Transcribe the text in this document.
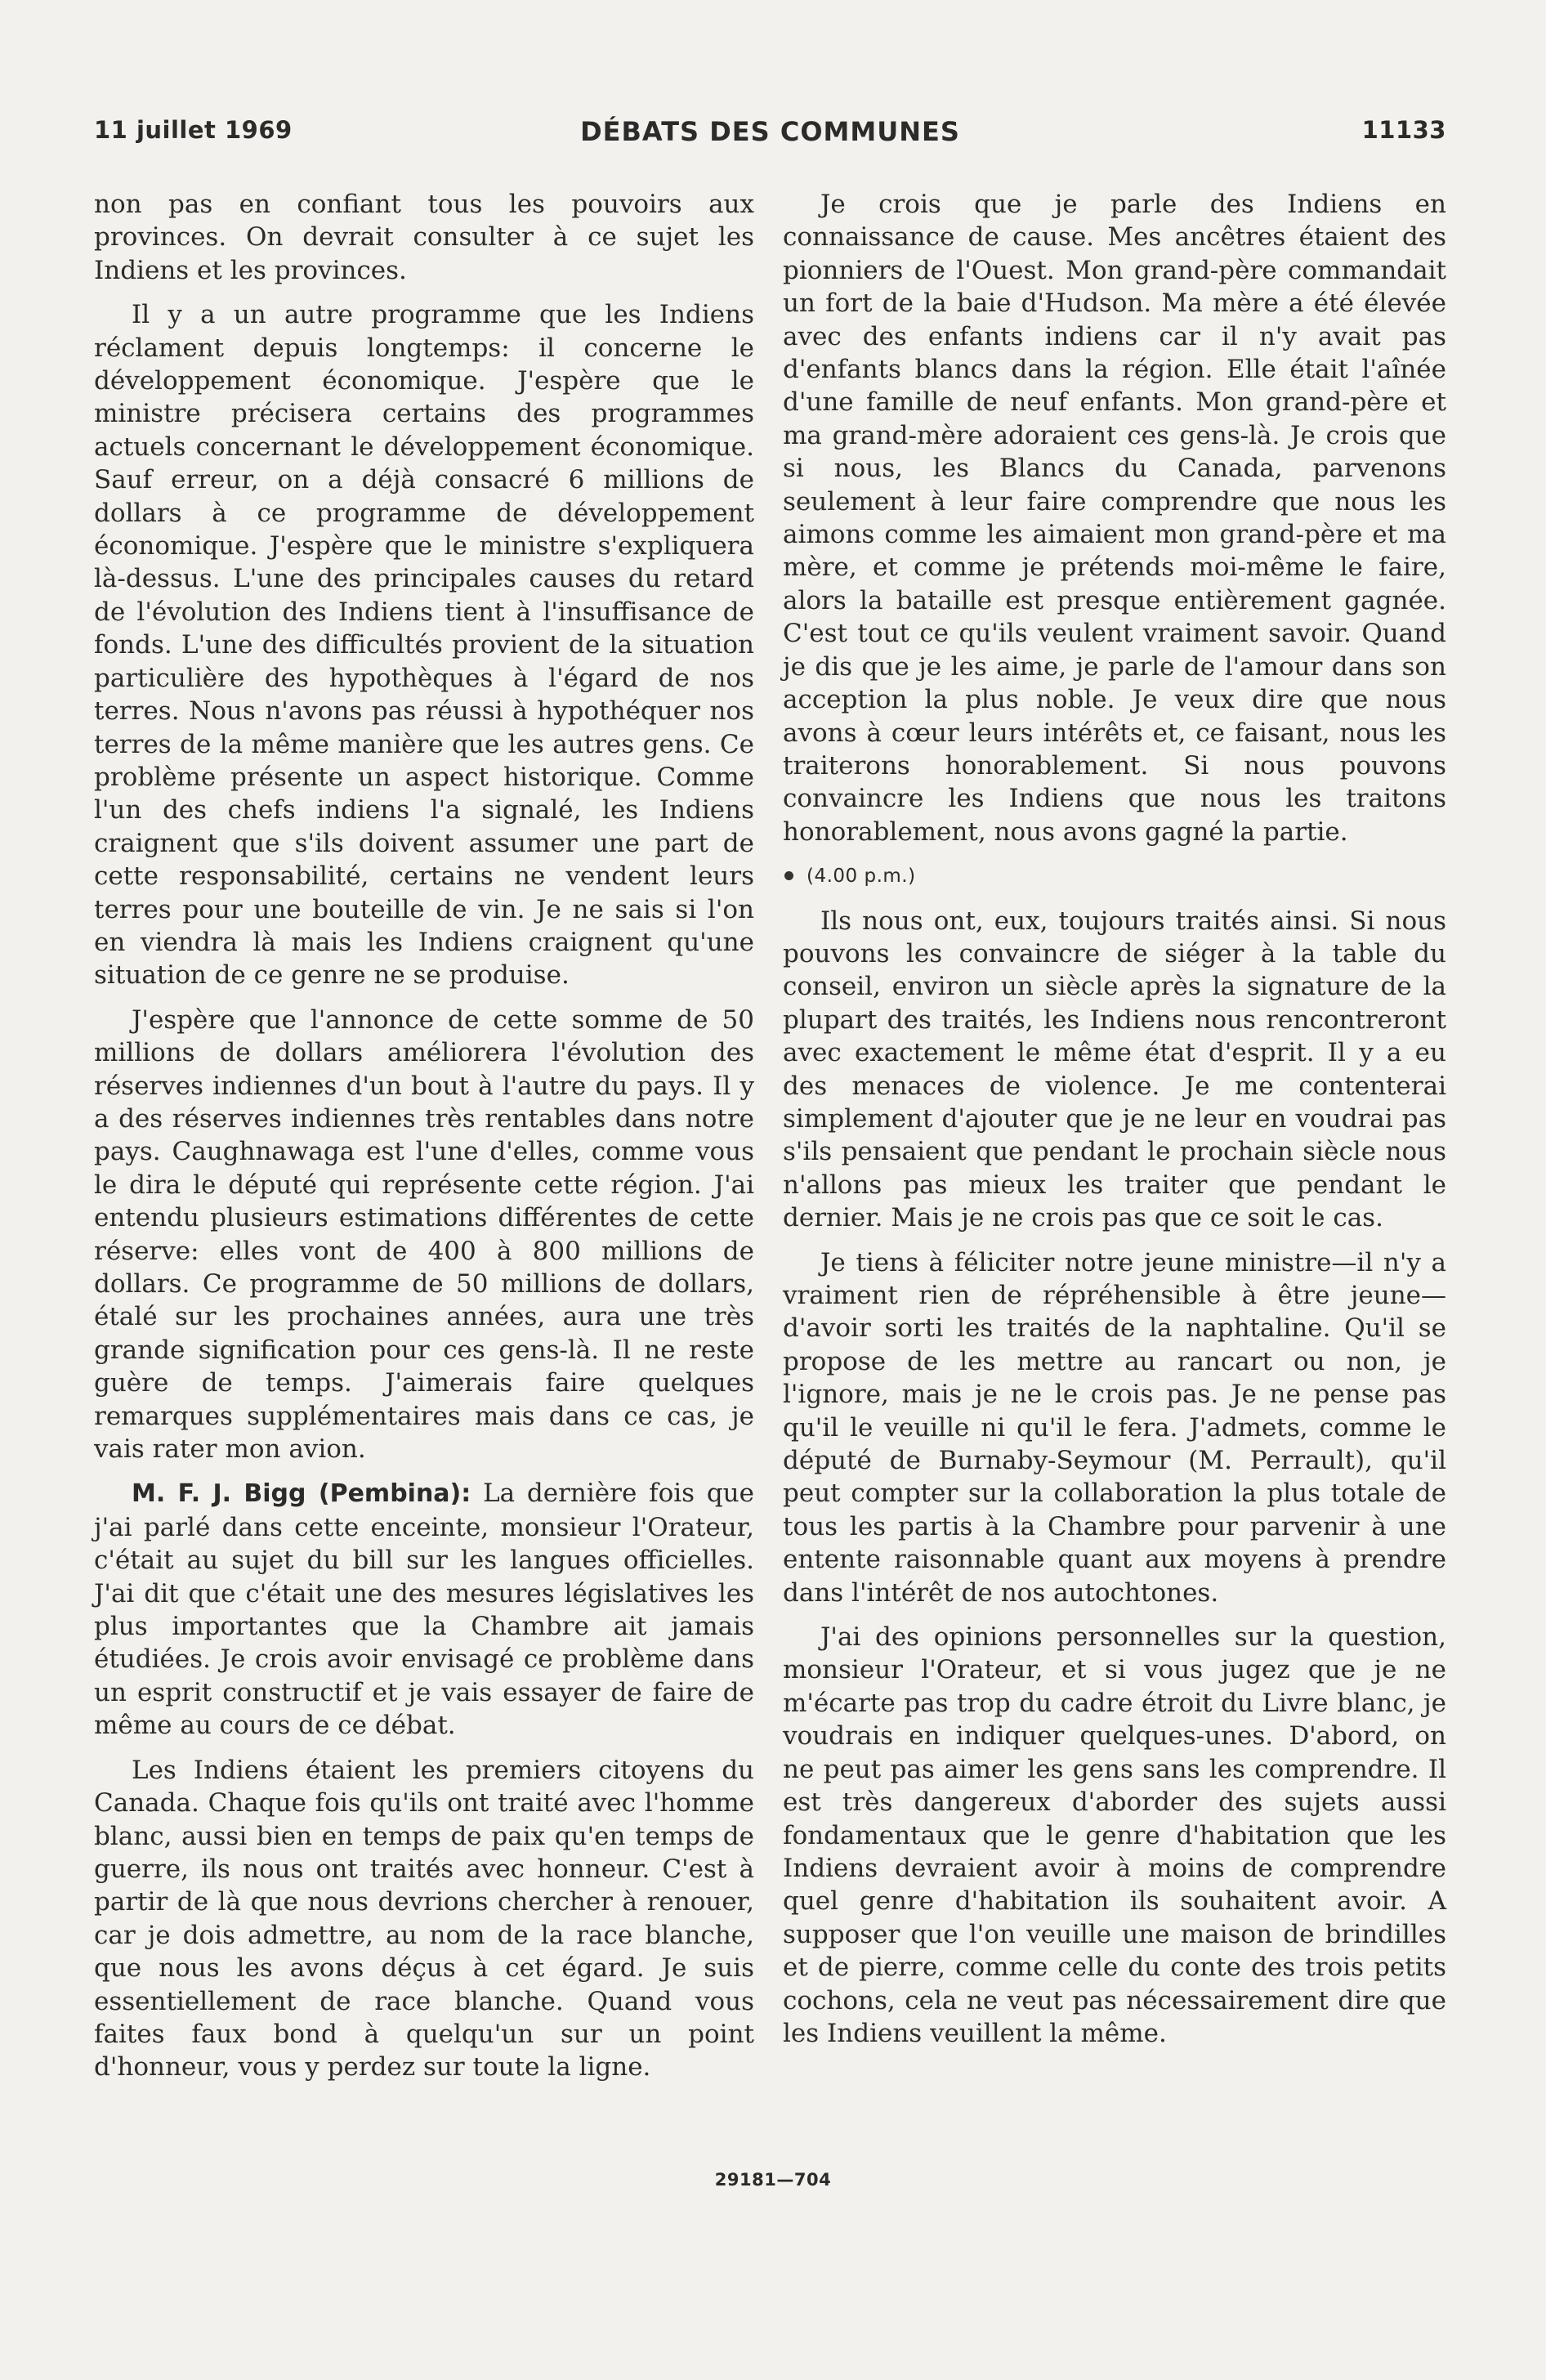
11 juillet 1969	DÉBATS DES COMMUNES	11133

non pas en confiant tous les pouvoirs aux provinces. On devrait consulter à ce sujet les Indiens et les provinces.

Il y a un autre programme que les Indiens réclament depuis longtemps: il concerne le développement économique. J'espère que le ministre précisera certains des programmes actuels concernant le développement économique. Sauf erreur, on a déjà consacré 6 millions de dollars à ce programme de développement économique. J'espère que le ministre s'expliquera là-dessus. L'une des principales causes du retard de l'évolution des Indiens tient à l'insuffisance de fonds. L'une des difficultés provient de la situation particulière des hypothèques à l'égard de nos terres. Nous n'avons pas réussi à hypothéquer nos terres de la même manière que les autres gens. Ce problème présente un aspect historique. Comme l'un des chefs indiens l'a signalé, les Indiens craignent que s'ils doivent assumer une part de cette responsabilité, certains ne vendent leurs terres pour une bouteille de vin. Je ne sais si l'on en viendra là mais les Indiens craignent qu'une situation de ce genre ne se produise.

J'espère que l'annonce de cette somme de 50 millions de dollars améliorera l'évolution des réserves indiennes d'un bout à l'autre du pays. Il y a des réserves indiennes très rentables dans notre pays. Caughnawaga est l'une d'elles, comme vous le dira le député qui représente cette région. J'ai entendu plusieurs estimations différentes de cette réserve: elles vont de 400 à 800 millions de dollars. Ce programme de 50 millions de dollars, étalé sur les prochaines années, aura une très grande signification pour ces gens-là. Il ne reste guère de temps. J'aimerais faire quelques remarques supplémentaires mais dans ce cas, je vais rater mon avion.

M. F. J. Bigg (Pembina): La dernière fois que j'ai parlé dans cette enceinte, monsieur l'Orateur, c'était au sujet du bill sur les langues officielles. J'ai dit que c'était une des mesures législatives les plus importantes que la Chambre ait jamais étudiées. Je crois avoir envisagé ce problème dans un esprit constructif et je vais essayer de faire de même au cours de ce débat.

Les Indiens étaient les premiers citoyens du Canada. Chaque fois qu'ils ont traité avec l'homme blanc, aussi bien en temps de paix qu'en temps de guerre, ils nous ont traités avec honneur. C'est à partir de là que nous devrions chercher à renouer, car je dois admettre, au nom de la race blanche, que nous les avons déçus à cet égard. Je suis essentiellement de race blanche. Quand vous faites faux bond à quelqu'un sur un point d'honneur, vous y perdez sur toute la ligne.

Je crois que je parle des Indiens en connaissance de cause. Mes ancêtres étaient des pionniers de l'Ouest. Mon grand-père commandait un fort de la baie d'Hudson. Ma mère a été élevée avec des enfants indiens car il n'y avait pas d'enfants blancs dans la région. Elle était l'aînée d'une famille de neuf enfants. Mon grand-père et ma grand-mère adoraient ces gens-là. Je crois que si nous, les Blancs du Canada, parvenons seulement à leur faire comprendre que nous les aimons comme les aimaient mon grand-père et ma mère, et comme je prétends moi-même le faire, alors la bataille est presque entièrement gagnée. C'est tout ce qu'ils veulent vraiment savoir. Quand je dis que je les aime, je parle de l'amour dans son acception la plus noble. Je veux dire que nous avons à cœur leurs intérêts et, ce faisant, nous les traiterons honorablement. Si nous pouvons convaincre les Indiens que nous les traitons honorablement, nous avons gagné la partie.

(4.00 p.m.)

Ils nous ont, eux, toujours traités ainsi. Si nous pouvons les convaincre de siéger à la table du conseil, environ un siècle après la signature de la plupart des traités, les Indiens nous rencontreront avec exactement le même état d'esprit. Il y a eu des menaces de violence. Je me contenterai simplement d'ajouter que je ne leur en voudrai pas s'ils pensaient que pendant le prochain siècle nous n'allons pas mieux les traiter que pendant le dernier. Mais je ne crois pas que ce soit le cas.

Je tiens à féliciter notre jeune ministre—il n'y a vraiment rien de répréhensible à être jeune—d'avoir sorti les traités de la naphtaline. Qu'il se propose de les mettre au rancart ou non, je l'ignore, mais je ne le crois pas. Je ne pense pas qu'il le veuille ni qu'il le fera. J'admets, comme le député de Burnaby-Seymour (M. Perrault), qu'il peut compter sur la collaboration la plus totale de tous les partis à la Chambre pour parvenir à une entente raisonnable quant aux moyens à prendre dans l'intérêt de nos autochtones.

J'ai des opinions personnelles sur la question, monsieur l'Orateur, et si vous jugez que je ne m'écarte pas trop du cadre étroit du Livre blanc, je voudrais en indiquer quelques-unes. D'abord, on ne peut pas aimer les gens sans les comprendre. Il est très dangereux d'aborder des sujets aussi fondamentaux que le genre d'habitation que les Indiens devraient avoir à moins de comprendre quel genre d'habitation ils souhaitent avoir. A supposer que l'on veuille une maison de brindilles et de pierre, comme celle du conte des trois petits cochons, cela ne veut pas nécessairement dire que les Indiens veuillent la même.

29181—704
